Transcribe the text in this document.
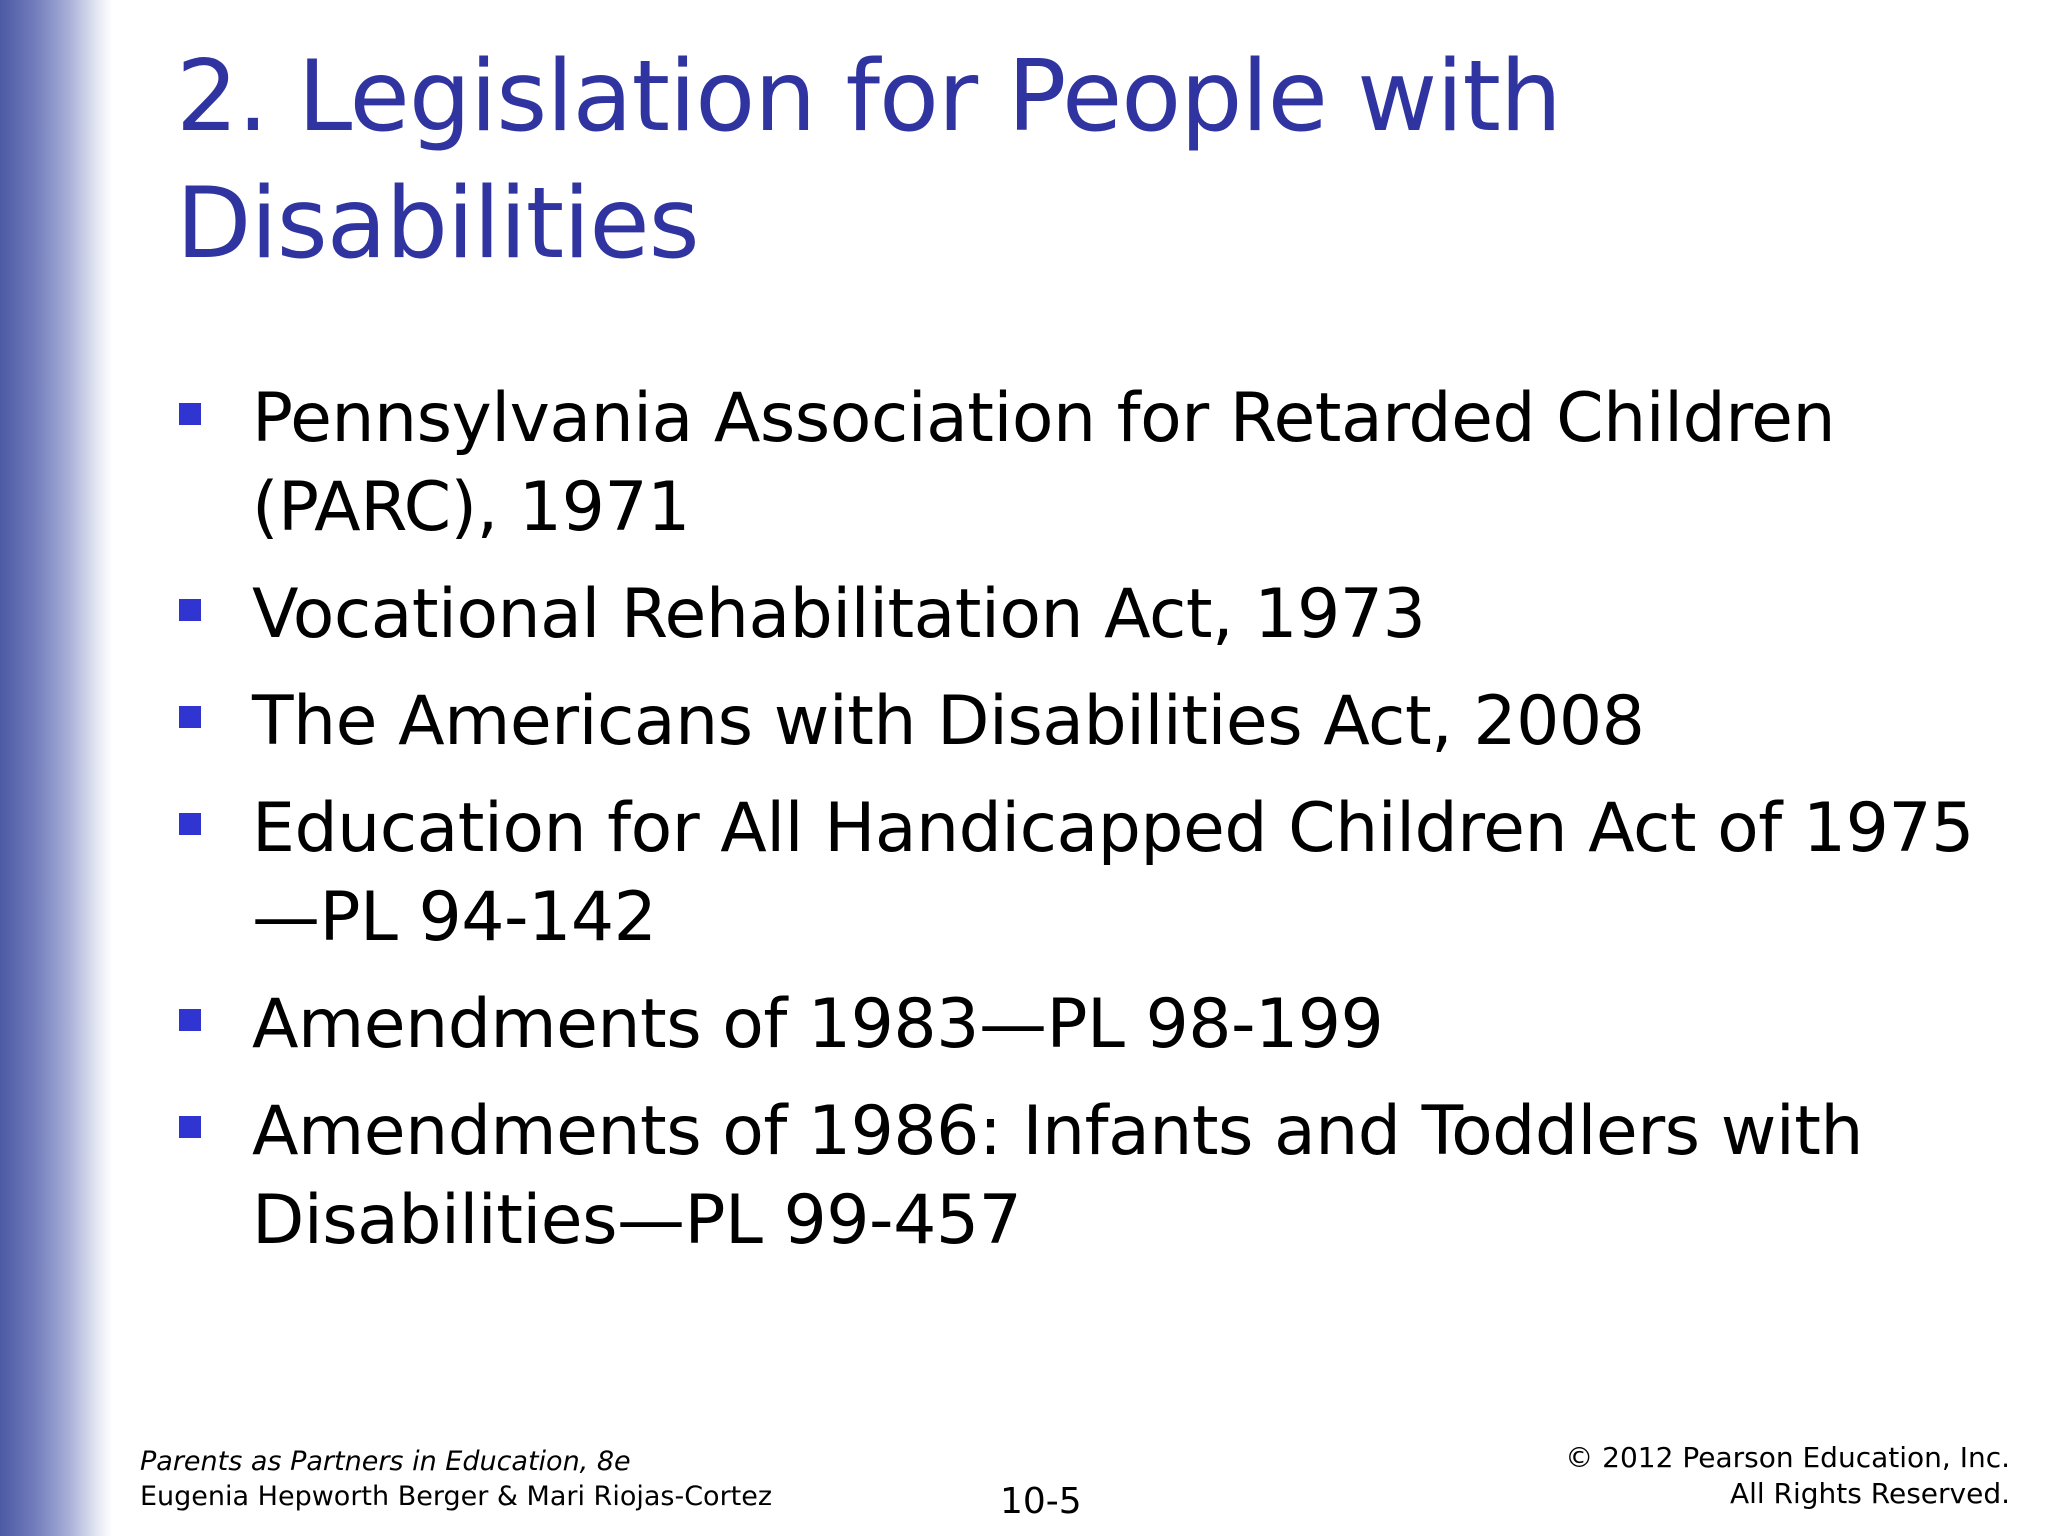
2. Legislation for People with Disabilities
Pennsylvania Association for Retarded Children (PARC), 1971
Vocational Rehabilitation Act, 1973
The Americans with Disabilities Act, 2008
Education for All Handicapped Children Act of 1975 —PL 94-142
Amendments of 1983—PL 98-199
Amendments of 1986: Infants and Toddlers with Disabilities—PL 99-457
Parents as Partners in Education, 8e
Eugenia Hepworth Berger & Mari Riojas-Cortez	10-5
© 2012 Pearson Education, Inc.
All Rights Reserved.
